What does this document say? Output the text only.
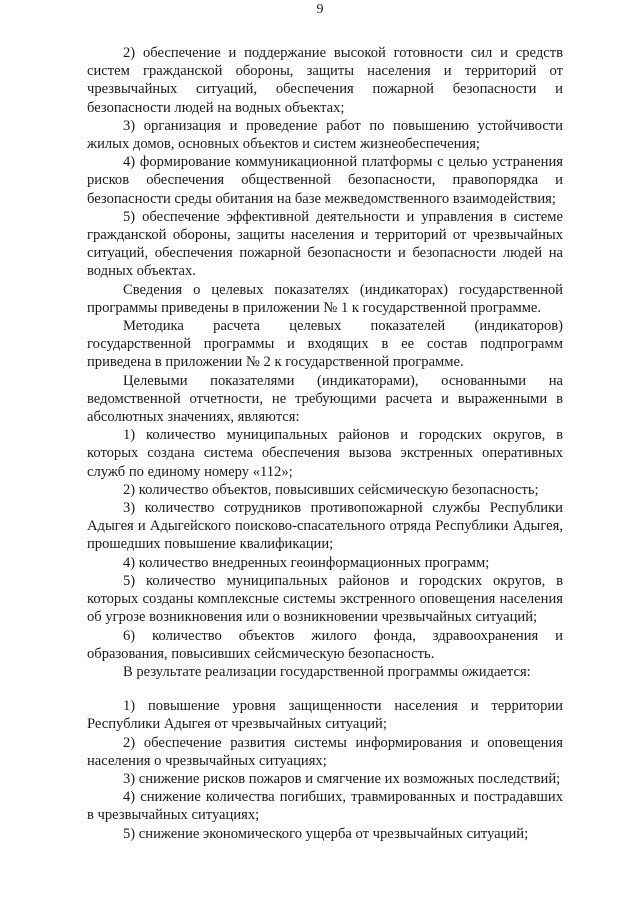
9

2) обеспечение и поддержание высокой готовности сил и средств систем гражданской обороны, защиты населения и территорий от чрезвычайных ситуаций, обеспечения пожарной безопасности и безопасности людей на водных объектах;

3) организация и проведение работ по повышению устойчивости жилых домов, основных объектов и систем жизнеобеспечения;

4) формирование коммуникационной платформы с целью устранения рисков обеспечения общественной безопасности, правопорядка и безопасности среды обитания на базе межведомственного взаимодействия;

5) обеспечение эффективной деятельности и управления в системе гражданской обороны, защиты населения и территорий от чрезвычайных ситуаций, обеспечения пожарной безопасности и безопасности людей на водных объектах.

Сведения о целевых показателях (индикаторах) государственной программы приведены в приложении № 1 к государственной программе.

Методика расчета целевых показателей (индикаторов) государственной программы и входящих в ее состав подпрограмм приведена в приложении № 2 к государственной программе.

Целевыми показателями (индикаторами), основанными на ведомственной отчетности, не требующими расчета и выраженными в абсолютных значениях, являются:

1) количество муниципальных районов и городских округов, в которых создана система обеспечения вызова экстренных оперативных служб по единому номеру «112»;

2) количество объектов, повысивших сейсмическую безопасность;

3) количество сотрудников противопожарной службы Республики Адыгея и Адыгейского поисково-спасательного отряда Республики Адыгея, прошедших повышение квалификации;

4) количество внедренных геоинформационных программ;

5) количество муниципальных районов и городских округов, в которых созданы комплексные системы экстренного оповещения населения об угрозе возникновения или о возникновении чрезвычайных ситуаций;

6) количество объектов жилого фонда, здравоохранения и образования, повысивших сейсмическую безопасность.

В результате реализации государственной программы ожидается:

1) повышение уровня защищенности населения и территории Республики Адыгея от чрезвычайных ситуаций;

2) обеспечение развития системы информирования и оповещения населения о чрезвычайных ситуациях;

3) снижение рисков пожаров и смягчение их возможных последствий;

4) снижение количества погибших, травмированных и пострадавших в чрезвычайных ситуациях;

5) снижение экономического ущерба от чрезвычайных ситуаций;
